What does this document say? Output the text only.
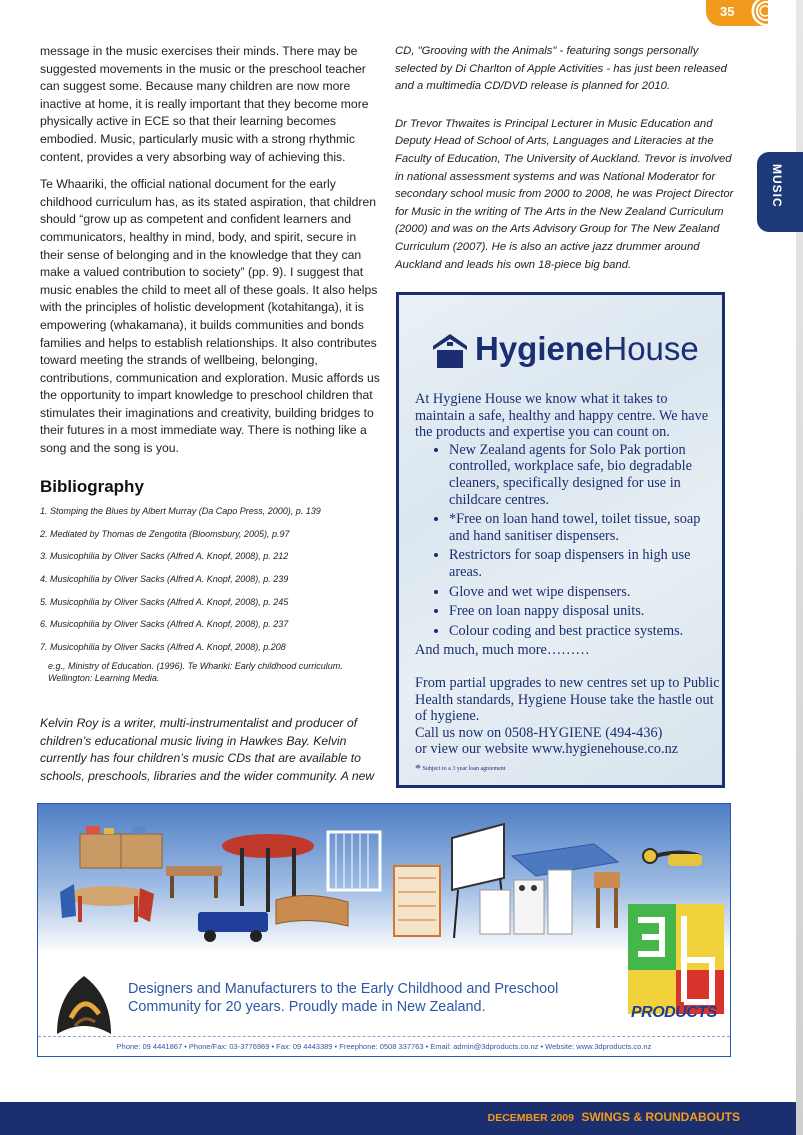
35
MUSIC

message in the music exercises their minds. There may be suggested movements in the music or the preschool teacher can suggest some. Because many children are now more inactive at home, it is really important that they become more physically active in ECE so that their learning becomes embodied. Music, particularly music with a strong rhythmic content, provides a very absorbing way of achieving this.

Te Whaariki, the official national document for the early childhood curriculum has, as its stated aspiration, that children should “grow up as competent and confident learners and communicators, healthy in mind, body, and spirit, secure in their sense of belonging and in the knowledge that they can make a valued contribution to society” (pp. 9). I suggest that music enables the child to meet all of these goals. It also helps with the principles of holistic development (kotahitanga), it is empowering (whakamana), it builds communities and bonds families and helps to establish relationships. It also contributes toward meeting the strands of wellbeing, belonging, contributions, communication and exploration. Music affords us the opportunity to impart knowledge to preschool children that stimulates their imaginations and creativity, building bridges to their futures in a most immediate way. There is nothing like a song and the song is you.

Bibliography
1. Stomping the Blues by Albert Murray (Da Capo Press, 2000), p. 139
2. Mediated by Thomas de Zengotita (Bloomsbury, 2005), p.97
3. Musicophilia by Oliver Sacks (Alfred A. Knopf, 2008), p. 212
4. Musicophilia by Oliver Sacks (Alfred A. Knopf, 2008), p. 239
5. Musicophilia by Oliver Sacks (Alfred A. Knopf, 2008), p. 245
6. Musicophilia by Oliver Sacks (Alfred A. Knopf, 2008), p. 237
7. Musicophilia by Oliver Sacks (Alfred A. Knopf, 2008), p.208
e.g., Ministry of Education. (1996). Te Whariki: Early childhood curriculum. Wellington: Learning Media.
Kelvin Roy is a writer, multi-instrumentalist and producer of children’s educational music living in Hawkes Bay. Kelvin currently has four children’s music CDs that are available to schools, preschools, libraries and the wider community. A new

CD, "Grooving with the Animals" - featuring songs personally selected by Di Charlton of Apple Activities - has just been released and a multimedia CD/DVD release is planned for 2010.

Dr Trevor Thwaites is Principal Lecturer in Music Education and Deputy Head of School of Arts, Languages and Literacies at the Faculty of Education, The University of Auckland. Trevor is involved in national assessment systems and was National Moderator for secondary school music from 2000 to 2008, he was Project Director for Music in the writing of The Arts in the New Zealand Curriculum (2000) and was on the Arts Advisory Group for The New Zealand Curriculum (2007). He is also an active jazz drummer around Auckland and leads his own 18-piece big band.

HygieneHouse

At Hygiene House we know what it takes to maintain a safe, healthy and happy centre. We have the products and expertise you can count on.

• New Zealand agents for Solo Pak portion controlled, workplace safe, bio degradable cleaners, specifically designed for use in childcare centres.
• *Free on loan hand towel, toilet tissue, soap and hand sanitiser dispensers.
• Restrictors for soap dispensers in high use areas.
• Glove and wet wipe dispensers.
• Free on loan nappy disposal units.
• Colour coding and best practice systems.

And much, much more………

From partial upgrades to new centres set up to Public Health standards, Hygiene House take the hastle out of hygiene.

Call us now on 0508-HYGIENE (494-436)

or view our website www.hygienehouse.co.nz

* Subject to a 3 year loan agreement
Designers and Manufacturers to the Early Childhood and Preschool Community for 20 years. Proudly made in New Zealand.	PRODUCTS
Phone: 09 4441867 • Phone/Fax: 03-3776969 • Fax: 09 4443389 • Freephone: 0508 337763 • Email: admin@3dproducts.co.nz • Website: www.3dproducts.co.nz
DECEMBER 2009 SWINGS & ROUNDABOUTS
